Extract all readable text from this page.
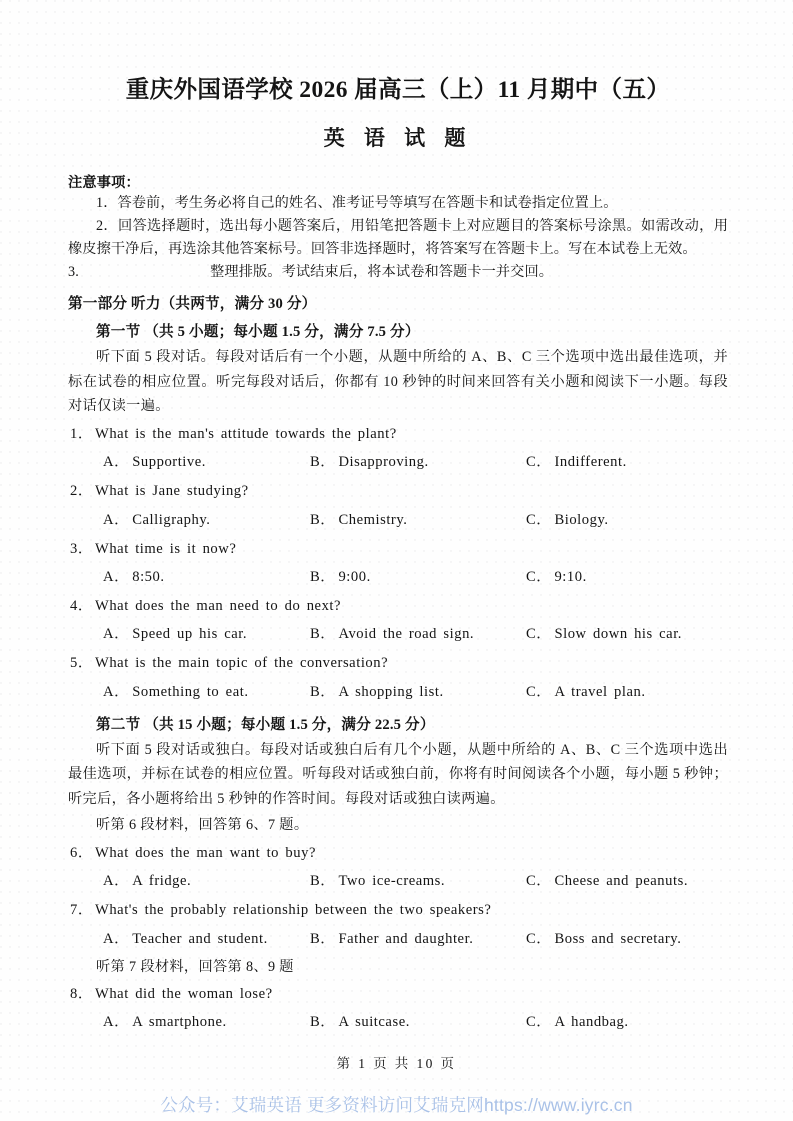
重庆外国语学校 2026 届高三（上）11 月期中（五）
英 语 试 题
注意事项：
1．答卷前，考生务必将自己的姓名、准考证号等填写在答题卡和试卷指定位置上。
2．回答选择题时，选出每小题答案后，用铅笔把答题卡上对应题目的答案标号涂黑。如需改动，用橡皮擦干净后，再选涂其他答案标号。回答非选择题时，将答案写在答题卡上。写在本试卷上无效。
3.                                    整理排版。考试结束后，将本试卷和答题卡一并交回。
第一部分 听力（共两节，满分 30 分）
第一节 （共 5 小题；每小题 1.5 分，满分 7.5 分）
听下面 5 段对话。每段对话后有一个小题，从题中所给的 A、B、C 三个选项中选出最佳选项，并标在试卷的相应位置。听完每段对话后，你都有 10 秒钟的时间来回答有关小题和阅读下一小题。每段对话仅读一遍。
1． What is the man's attitude towards the plant?
A． Supportive.	B． Disapproving.	C． Indifferent.
2． What is Jane studying?
A． Calligraphy.	B． Chemistry.	C． Biology.
3． What time is it now?
A． 8:50.	B． 9:00.	C． 9:10.
4． What does the man need to do next?
A． Speed up his car.	B． Avoid the road sign.	C． Slow down his car.
5． What is the main topic of the conversation?
A． Something to eat.	B． A shopping list.	C． A travel plan.
第二节 （共 15 小题；每小题 1.5 分，满分 22.5 分）
听下面 5 段对话或独白。每段对话或独白后有几个小题，从题中所给的 A、B、C 三个选项中选出最佳选项，并标在试卷的相应位置。听每段对话或独白前，你将有时间阅读各个小题，每小题 5 秒钟；听完后，各小题将给出 5 秒钟的作答时间。每段对话或独白读两遍。
听第 6 段材料，回答第 6、7 题。
6． What does the man want to buy?
A． A fridge.	B． Two ice-creams.	C． Cheese and peanuts.
7． What's the probably relationship between the two speakers?
A． Teacher and student.	B． Father and daughter.	C． Boss and secretary.
听第 7 段材料，回答第 8、9 题
8． What did the woman lose?
A． A smartphone.	B． A suitcase.	C． A handbag.
第 1 页 共 10 页
公众号：艾瑞英语 更多资料访问艾瑞克网https://www.iyrc.cn
